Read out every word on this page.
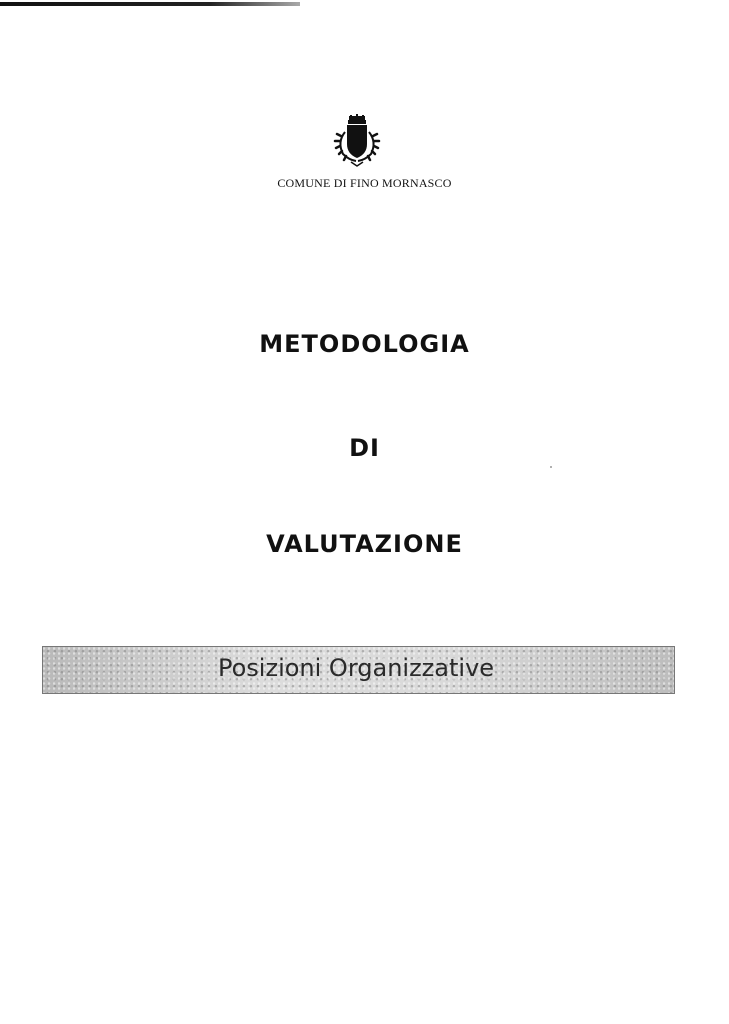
COMUNE DI FINO MORNASCO
METODOLOGIA
DI
VALUTAZIONE
Posizioni Organizzative
